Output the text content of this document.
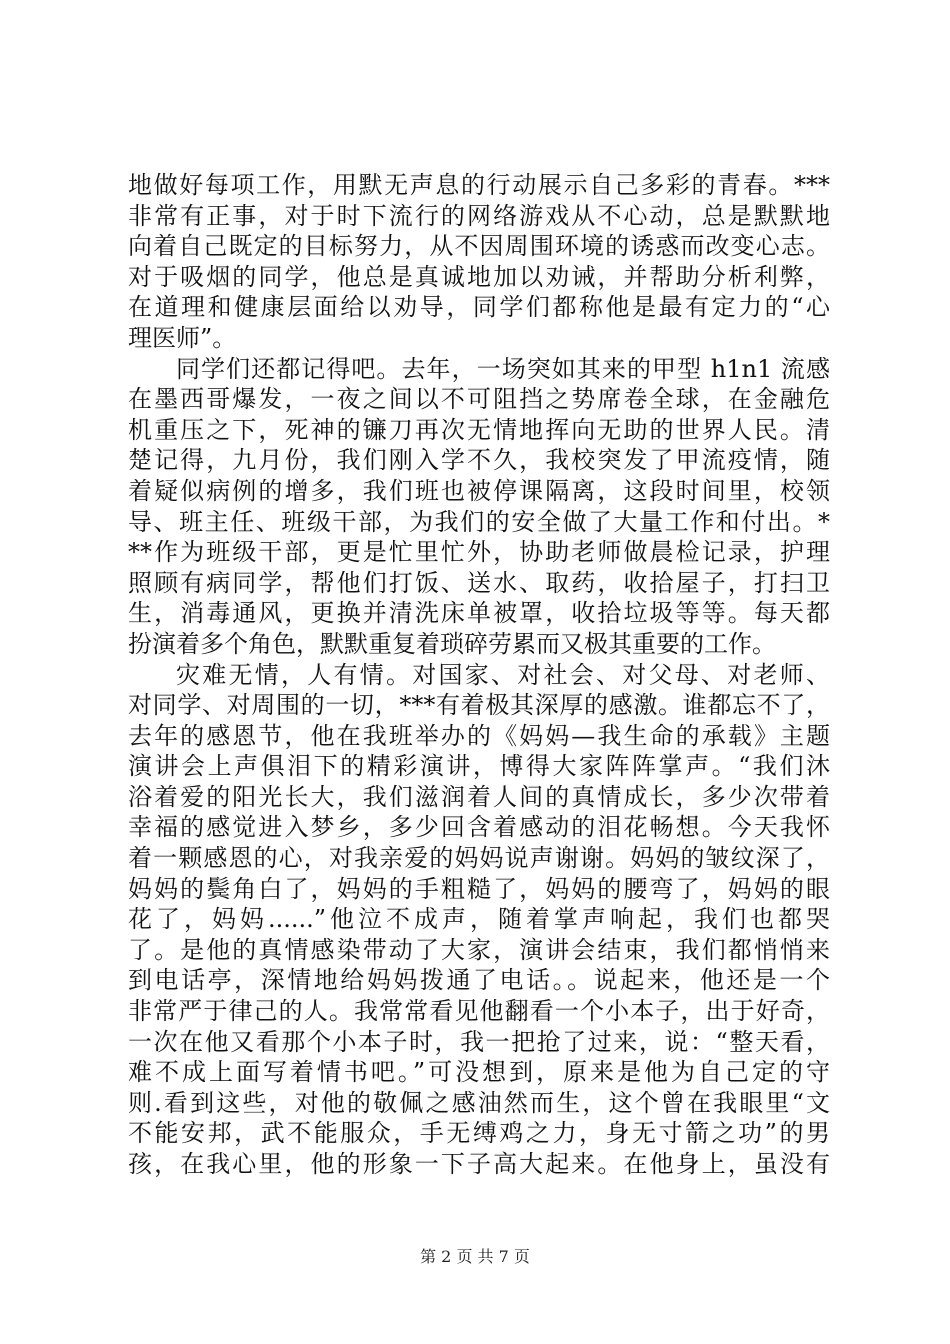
地做好每项工作，用默无声息的行动展示自己多彩的青春。***
非常有正事，对于时下流行的网络游戏从不心动，总是默默地
向着自己既定的目标努力，从不因周围环境的诱惑而改变心志。
对于吸烟的同学，他总是真诚地加以劝诫，并帮助分析利弊，
在道理和健康层面给以劝导，同学们都称他是最有定力的“心
理医师”。
同学们还都记得吧。去年，一场突如其来的甲型 h1n1 流感
在墨西哥爆发，一夜之间以不可阻挡之势席卷全球，在金融危
机重压之下，死神的镰刀再次无情地挥向无助的世界人民。清
楚记得，九月份，我们刚入学不久，我校突发了甲流疫情，随
着疑似病例的增多，我们班也被停课隔离，这段时间里，校领
导、班主任、班级干部，为我们的安全做了大量工作和付出。*
**作为班级干部，更是忙里忙外，协助老师做晨检记录，护理
照顾有病同学，帮他们打饭、送水、取药，收拾屋子，打扫卫
生，消毒通风，更换并清洗床单被罩，收拾垃圾等等。每天都
扮演着多个角色，默默重复着琐碎劳累而又极其重要的工作。
灾难无情，人有情。对国家、对社会、对父母、对老师、
对同学、对周围的一切，***有着极其深厚的感激。谁都忘不了，
去年的感恩节，他在我班举办的《妈妈—我生命的承载》主题
演讲会上声俱泪下的精彩演讲，博得大家阵阵掌声。“我们沐
浴着爱的阳光长大，我们滋润着人间的真情成长，多少次带着
幸福的感觉进入梦乡，多少回含着感动的泪花畅想。今天我怀
着一颗感恩的心，对我亲爱的妈妈说声谢谢。妈妈的皱纹深了，
妈妈的鬓角白了，妈妈的手粗糙了，妈妈的腰弯了，妈妈的眼
花了，妈妈......”他泣不成声，随着掌声响起，我们也都哭
了。是他的真情感染带动了大家，演讲会结束，我们都悄悄来
到电话亭，深情地给妈妈拨通了电话。。说起来，他还是一个
非常严于律己的人。我常常看见他翻看一个小本子，出于好奇，
一次在他又看那个小本子时，我一把抢了过来，说：“整天看，
难不成上面写着情书吧。”可没想到，原来是他为自己定的守
则.看到这些，对他的敬佩之感油然而生，这个曾在我眼里“文
不能安邦，武不能服众，手无缚鸡之力，身无寸箭之功”的男
孩，在我心里，他的形象一下子高大起来。在他身上，虽没有
第 2 页 共 7 页
